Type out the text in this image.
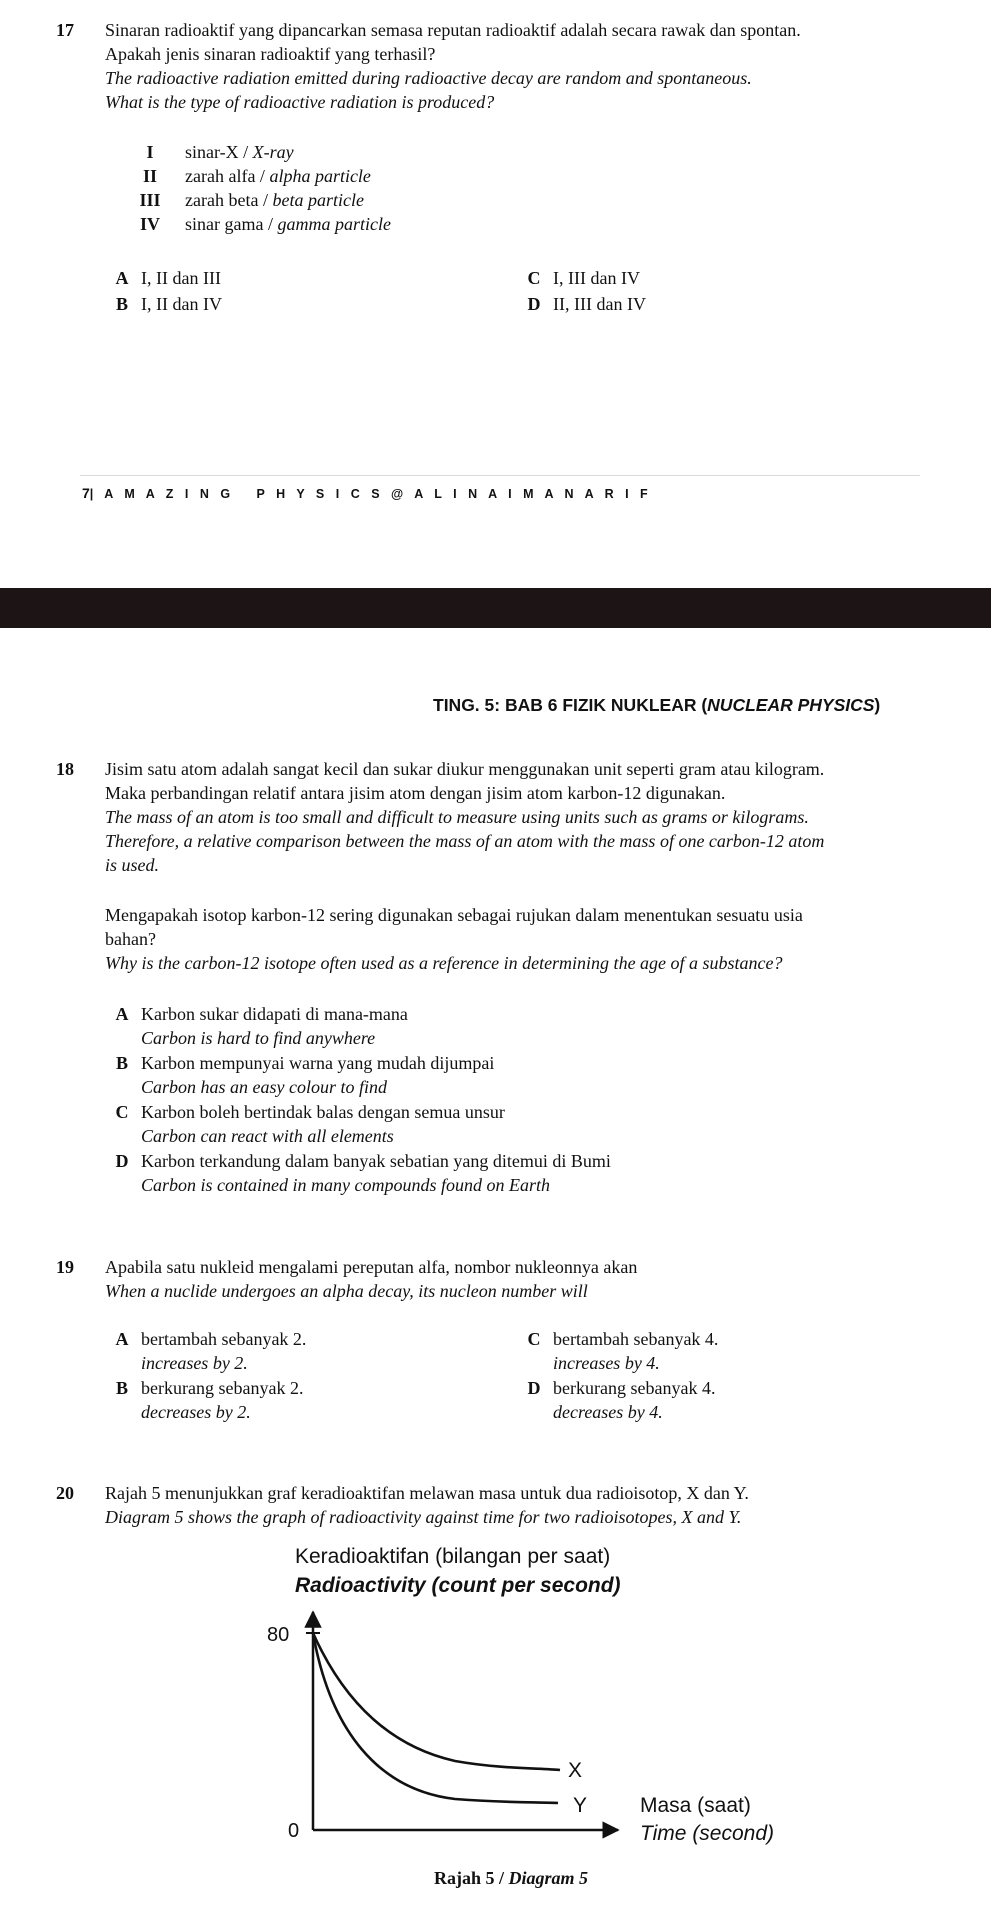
17 Sinaran radioaktif yang dipancarkan semasa reputan radioaktif adalah secara rawak dan spontan.
Apakah jenis sinaran radioaktif yang terhasil?
The radioactive radiation emitted during radioactive decay are random and spontaneous.
What is the type of radioactive radiation is produced?
I sinar-X / X-ray
II zarah alfa / alpha particle
III zarah beta / beta particle
IV sinar gama / gamma particle
A I, II dan III
B I, II dan IV
C I, III dan IV
D II, III dan IV
7| A M A Z I N G   P H Y S I C S @ A L I N A I M A N A R I F
TING. 5: BAB 6 FIZIK NUKLEAR (NUCLEAR PHYSICS)
18 Jisim satu atom adalah sangat kecil dan sukar diukur menggunakan unit seperti gram atau kilogram.
Maka perbandingan relatif antara jisim atom dengan jisim atom karbon-12 digunakan.
The mass of an atom is too small and difficult to measure using units such as grams or kilograms.
Therefore, a relative comparison between the mass of an atom with the mass of one carbon-12 atom
is used.
Mengapakah isotop karbon-12 sering digunakan sebagai rujukan dalam menentukan sesuatu usia
bahan?
Why is the carbon-12 isotope often used as a reference in determining the age of a substance?
A Karbon sukar didapati di mana-mana
Carbon is hard to find anywhere
B Karbon mempunyai warna yang mudah dijumpai
Carbon has an easy colour to find
C Karbon boleh bertindak balas dengan semua unsur
Carbon can react with all elements
D Karbon terkandung dalam banyak sebatian yang ditemui di Bumi
Carbon is contained in many compounds found on Earth
19 Apabila satu nukleid mengalami pereputan alfa, nombor nukleonnya akan
When a nuclide undergoes an alpha decay, its nucleon number will
A bertambah sebanyak 2.
increases by 2.
B berkurang sebanyak 2.
decreases by 2.
C bertambah sebanyak 4.
increases by 4.
D berkurang sebanyak 4.
decreases by 4.
20 Rajah 5 menunjukkan graf keradioaktifan melawan masa untuk dua radioisotop, X dan Y.
Diagram 5 shows the graph of radioactivity against time for two radioisotopes, X and Y.
Keradioaktifan (bilangan per saat)
Radioactivity (count per second)
80
0
X
Y	Masa (saat)
Time (second)
Rajah 5 / Diagram 5
